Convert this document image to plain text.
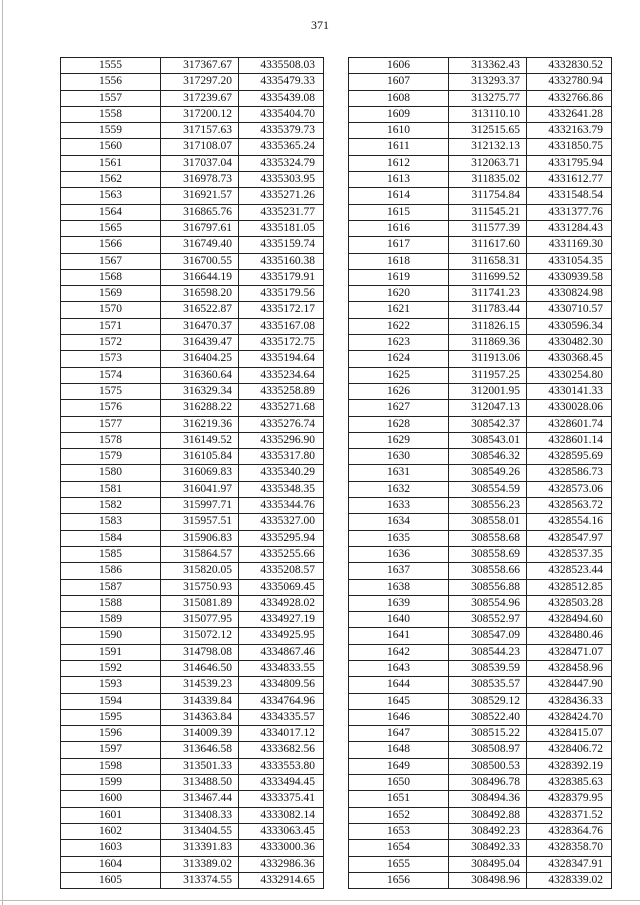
371
1555	317367.67	4335508.03
1556	317297.20	4335479.33
1557	317239.67	4335439.08
1558	317200.12	4335404.70
1559	317157.63	4335379.73
1560	317108.07	4335365.24
1561	317037.04	4335324.79
1562	316978.73	4335303.95
1563	316921.57	4335271.26
1564	316865.76	4335231.77
1565	316797.61	4335181.05
1566	316749.40	4335159.74
1567	316700.55	4335160.38
1568	316644.19	4335179.91
1569	316598.20	4335179.56
1570	316522.87	4335172.17
1571	316470.37	4335167.08
1572	316439.47	4335172.75
1573	316404.25	4335194.64
1574	316360.64	4335234.64
1575	316329.34	4335258.89
1576	316288.22	4335271.68
1577	316219.36	4335276.74
1578	316149.52	4335296.90
1579	316105.84	4335317.80
1580	316069.83	4335340.29
1581	316041.97	4335348.35
1582	315997.71	4335344.76
1583	315957.51	4335327.00
1584	315906.83	4335295.94
1585	315864.57	4335255.66
1586	315820.05	4335208.57
1587	315750.93	4335069.45
1588	315081.89	4334928.02
1589	315077.95	4334927.19
1590	315072.12	4334925.95
1591	314798.08	4334867.46
1592	314646.50	4334833.55
1593	314539.23	4334809.56
1594	314339.84	4334764.96
1595	314363.84	4334335.57
1596	314009.39	4334017.12
1597	313646.58	4333682.56
1598	313501.33	4333553.80
1599	313488.50	4333494.45
1600	313467.44	4333375.41
1601	313408.33	4333082.14
1602	313404.55	4333063.45
1603	313391.83	4333000.36
1604	313389.02	4332986.36
1605	313374.55	4332914.65
1606	313362.43	4332830.52
1607	313293.37	4332780.94
1608	313275.77	4332766.86
1609	313110.10	4332641.28
1610	312515.65	4332163.79
1611	312132.13	4331850.75
1612	312063.71	4331795.94
1613	311835.02	4331612.77
1614	311754.84	4331548.54
1615	311545.21	4331377.76
1616	311577.39	4331284.43
1617	311617.60	4331169.30
1618	311658.31	4331054.35
1619	311699.52	4330939.58
1620	311741.23	4330824.98
1621	311783.44	4330710.57
1622	311826.15	4330596.34
1623	311869.36	4330482.30
1624	311913.06	4330368.45
1625	311957.25	4330254.80
1626	312001.95	4330141.33
1627	312047.13	4330028.06
1628	308542.37	4328601.74
1629	308543.01	4328601.14
1630	308546.32	4328595.69
1631	308549.26	4328586.73
1632	308554.59	4328573.06
1633	308556.23	4328563.72
1634	308558.01	4328554.16
1635	308558.68	4328547.97
1636	308558.69	4328537.35
1637	308558.66	4328523.44
1638	308556.88	4328512.85
1639	308554.96	4328503.28
1640	308552.97	4328494.60
1641	308547.09	4328480.46
1642	308544.23	4328471.07
1643	308539.59	4328458.96
1644	308535.57	4328447.90
1645	308529.12	4328436.33
1646	308522.40	4328424.70
1647	308515.22	4328415.07
1648	308508.97	4328406.72
1649	308500.53	4328392.19
1650	308496.78	4328385.63
1651	308494.36	4328379.95
1652	308492.88	4328371.52
1653	308492.23	4328364.76
1654	308492.33	4328358.70
1655	308495.04	4328347.91
1656	308498.96	4328339.02
